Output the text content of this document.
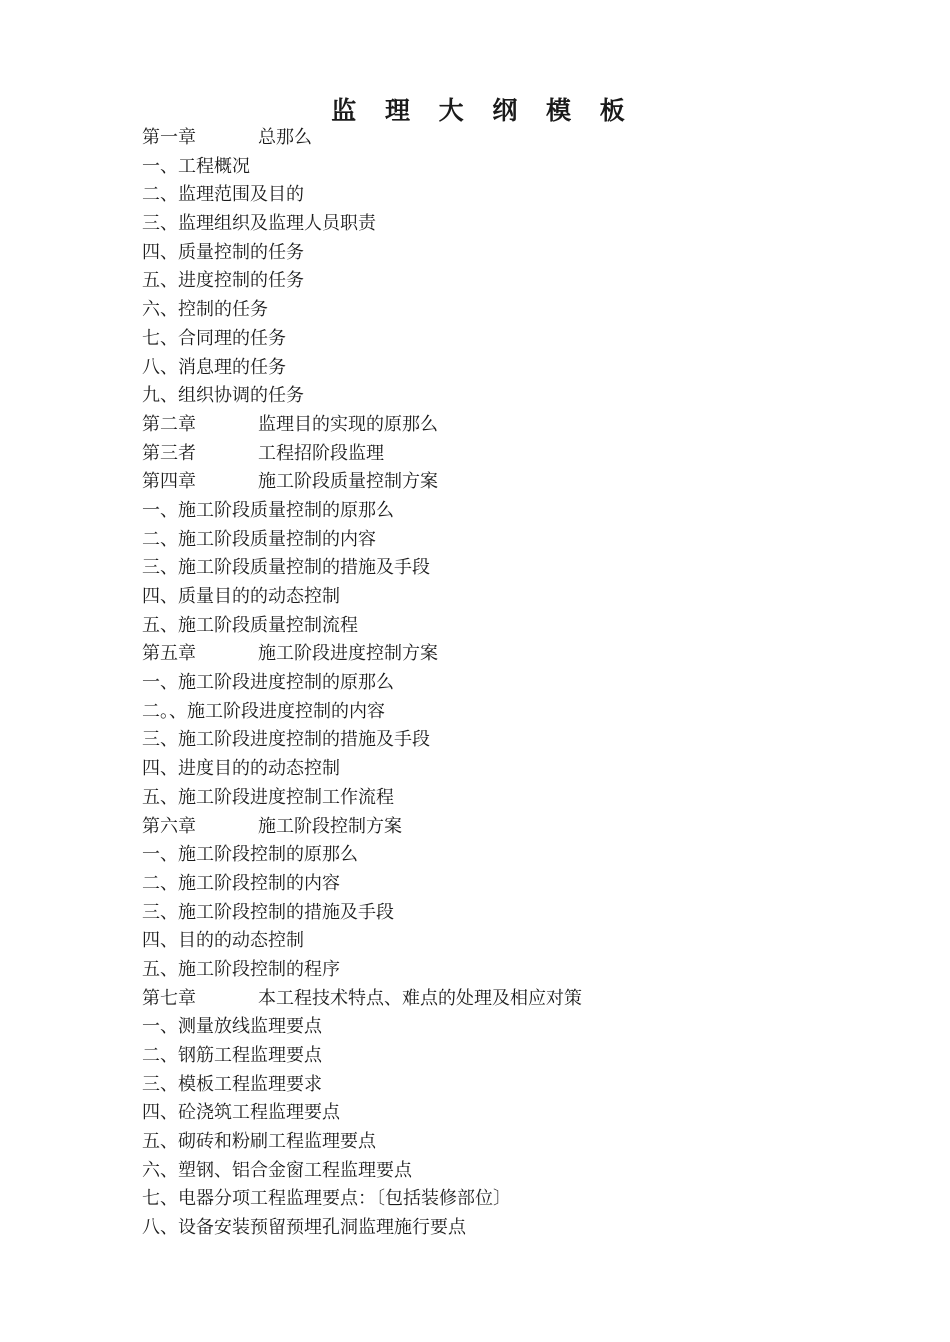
监 理 大 纲 模 板
第一章	总那么
一、工程概况
二、监理范围及目的
三、监理组织及监理人员职责
四、质量控制的任务
五、进度控制的任务
六、控制的任务
七、合同理的任务
八、消息理的任务
九、组织协调的任务
第二章	监理目的实现的原那么
第三者	工程招阶段监理
第四章	施工阶段质量控制方案
一、施工阶段质量控制的原那么
二、施工阶段质量控制的内容
三、施工阶段质量控制的措施及手段
四、质量目的的动态控制
五、施工阶段质量控制流程
第五章	施工阶段进度控制方案
一、施工阶段进度控制的原那么
二。、施工阶段进度控制的内容
三、施工阶段进度控制的措施及手段
四、进度目的的动态控制
五、施工阶段进度控制工作流程
第六章	施工阶段控制方案
一、施工阶段控制的原那么
二、施工阶段控制的内容
三、施工阶段控制的措施及手段
四、目的的动态控制
五、施工阶段控制的程序
第七章	本工程技术特点、难点的处理及相应对策
一、测量放线监理要点
二、钢筋工程监理要点
三、模板工程监理要求
四、砼浇筑工程监理要点
五、砌砖和粉刷工程监理要点
六、塑钢、铝合金窗工程监理要点
七、电器分项工程监理要点：〔包括装修部位〕
八、设备安装预留预埋孔洞监理施行要点
